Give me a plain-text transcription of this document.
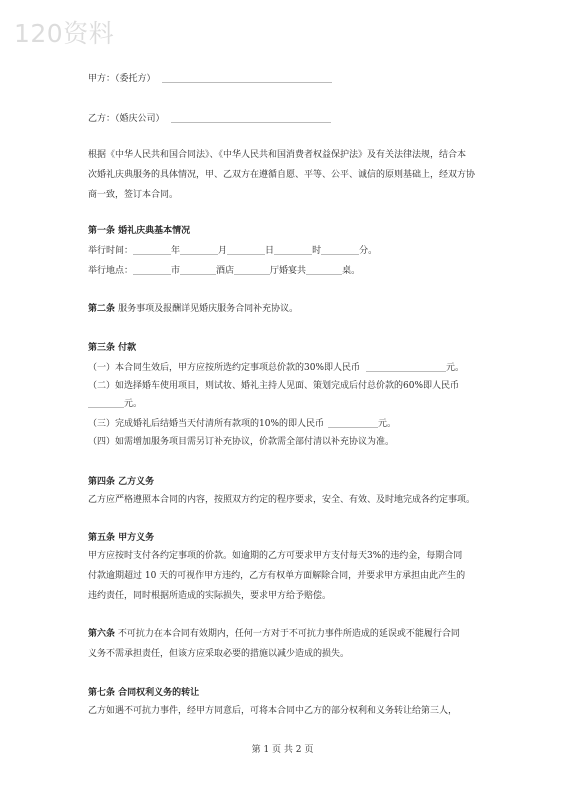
120资料
甲方：（委托方）
乙方：（婚庆公司）
根据《中华人民共和国合同法》、《中华人民共和国消费者权益保护法》及有关法律法规，结合本
次婚礼庆典服务的具体情况，甲、乙双方在遵循自愿、平等、公平、诚信的原则基础上，经双方协
商一致，签订本合同。
第一条 婚礼庆典基本情况
举行时间：	年	月	日	时	分。
举行地点：	市	酒店	厅婚宴共	桌。
第二条 服务事项及报酬详见婚庆服务合同补充协议。
第三条 付款
（一）本合同生效后，甲方应按所选约定事项总价款的30%即人民币	元。
（二）如选择婚车使用项目，则试妆、婚礼主持人见面、策划完成后付总价款的60%即人民币
元。
（三）完成婚礼后结婚当天付清所有款项的10%的即人民币	元。
（四）如需增加服务项目需另订补充协议，价款需全部付清以补充协议为准。
第四条 乙方义务
乙方应严格遵照本合同的内容，按照双方约定的程序要求，安全、有效、及时地完成各约定事项。
第五条 甲方义务
甲方应按时支付各约定事项的价款。如逾期的乙方可要求甲方支付每天3%的违约金，每期合同
付款逾期超过 10 天的可视作甲方违约，乙方有权单方面解除合同，并要求甲方承担由此产生的
违约责任，同时根据所造成的实际损失，要求甲方给予赔偿。
第六条 不可抗力在本合同有效期内，任何一方对于不可抗力事件所造成的延误或不能履行合同
义务不需承担责任，但该方应采取必要的措施以减少造成的损失。
第七条 合同权利义务的转让
乙方如遇不可抗力事件，经甲方同意后，可将本合同中乙方的部分权利和义务转让给第三人，
第 1 页 共 2 页
